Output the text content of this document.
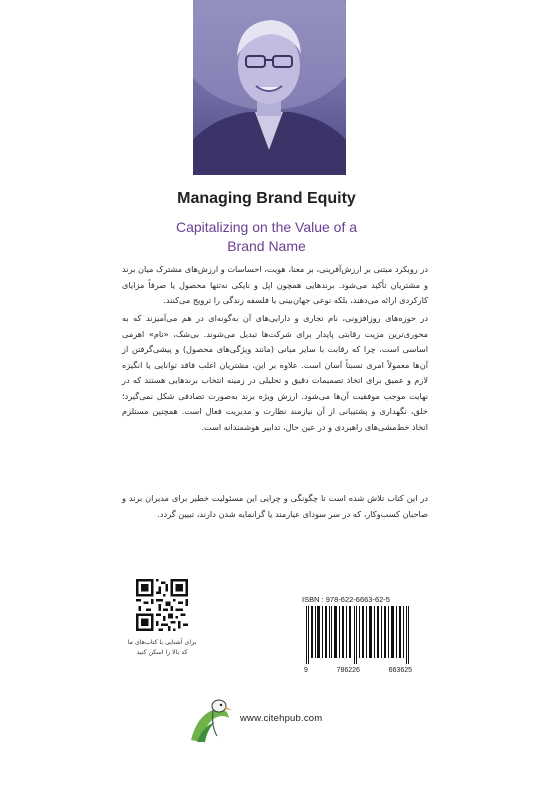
Managing Brand Equity
Capitalizing on the Value of a
Brand Name

در رویکرد مبتنی بر ارزش‌آفرینی، بر معنا، هویت، احساسات و ارزش‌های مشترک میان برند و مشتریان تأکید می‌شود. برندهایی همچون اپل و نایکی نه‌تنها محصول یا صرفاً مزایای کارکردی ارائه می‌دهند، بلکه نوعی جهان‌بینی یا فلسفه زندگی را ترویج می‌کنند.

در حوزه‌های روزافزونی، نام تجاری و دارایی‌های آن به‌گونه‌ای در هم می‌آمیزند که به محوری‌ترین مزیت رقابتی پایدار برای شرکت‌ها تبدیل می‌شوند. بی‌شک، «نام» اهرمی اساسی است، چرا که رقابت با سایر مبانی (مانند ویژگی‌های محصول) و پیشی‌گرفتن از آن‌ها معمولاً امری نسبتاً آسان است. علاوه بر این، مشتریان اغلب فاقد توانایی یا انگیزه لازم و عمیق برای اتخاذ تصمیمات دقیق و تحلیلی در زمینه انتخاب برندهایی هستند که در نهایت موجب موفقیت آن‌ها می‌شود. ارزش ویژه برند به‌صورت تصادفی شکل نمی‌گیرد؛ خلق، نگهداری و پشتیبانی از آن نیازمند نظارت و مدیریت فعال است. همچنین مستلزم اتخاذ خط‌مشی‌های راهبردی و در عین حال، تدابیر هوشمندانه است.

در این کتاب تلاش شده است تا چگونگی و چرایی این مسئولیت خطیر برای مدیران برند و صاحبان کسب‌وکار، که در سر سودای عیارمند یا گرانمایه شدن دارند، تبیین گردد.

برای آشنایی با کتاب‌های ما
کد بالا را اسکن کنید
ISBN : 978-622-6663-62-5
9	786226	663625
www.citehpub.com
